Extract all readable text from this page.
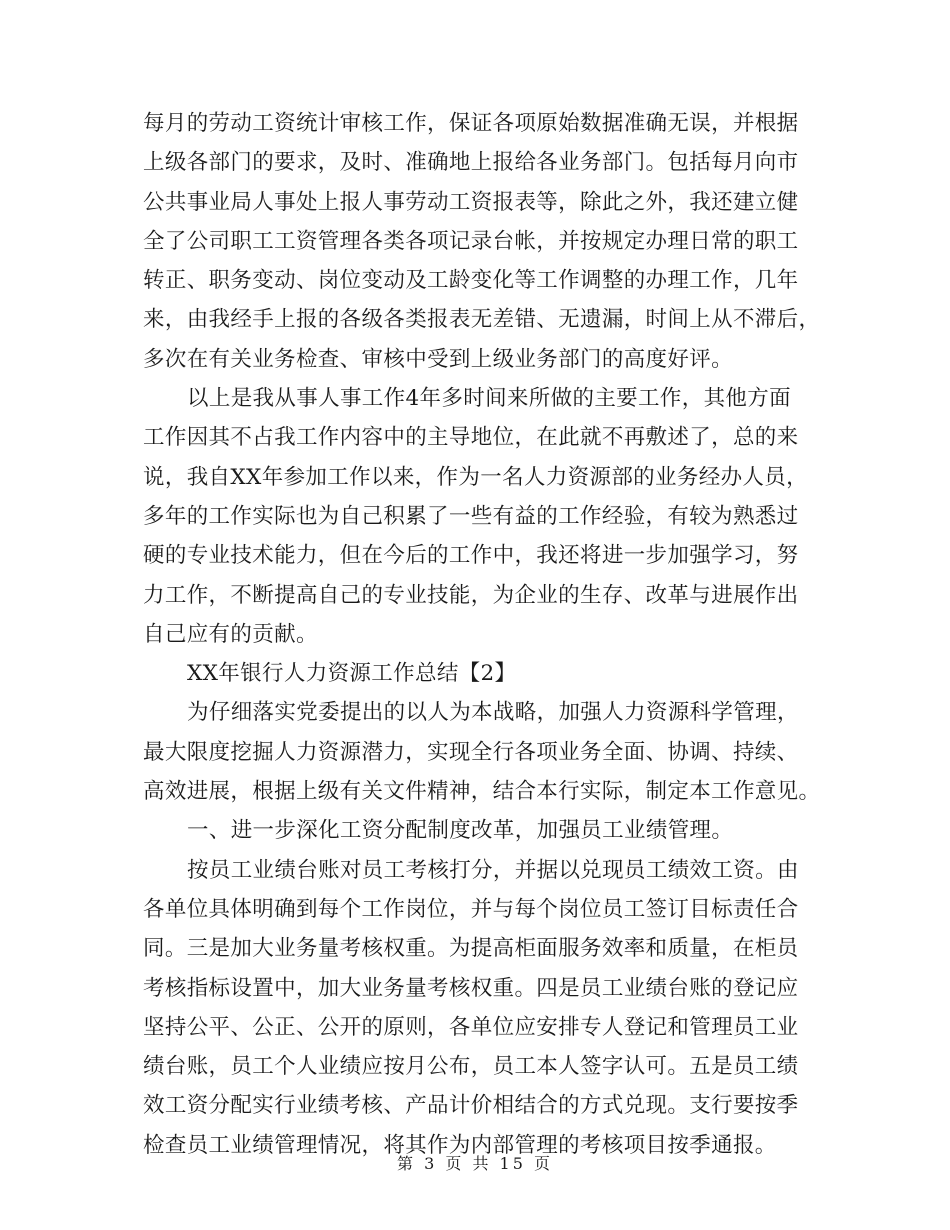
每月的劳动工资统计审核工作，保证各项原始数据准确无误，并根据
上级各部门的要求，及时、准确地上报给各业务部门。包括每月向市
公共事业局人事处上报人事劳动工资报表等，除此之外，我还建立健
全了公司职工工资管理各类各项记录台帐，并按规定办理日常的职工
转正、职务变动、岗位变动及工龄变化等工作调整的办理工作，几年
来，由我经手上报的各级各类报表无差错、无遗漏，时间上从不滞后，
多次在有关业务检查、审核中受到上级业务部门的高度好评。
以上是我从事人事工作4年多时间来所做的主要工作，其他方面
工作因其不占我工作内容中的主导地位，在此就不再敷述了，总的来
说，我自XX年参加工作以来，作为一名人力资源部的业务经办人员，
多年的工作实际也为自己积累了一些有益的工作经验，有较为熟悉过
硬的专业技术能力，但在今后的工作中，我还将进一步加强学习，努
力工作，不断提高自己的专业技能，为企业的生存、改革与进展作出
自己应有的贡献。
XX年银行人力资源工作总结【2】
为仔细落实党委提出的以人为本战略，加强人力资源科学管理，
最大限度挖掘人力资源潜力，实现全行各项业务全面、协调、持续、
高效进展，根据上级有关文件精神，结合本行实际，制定本工作意见。
一、进一步深化工资分配制度改革，加强员工业绩管理。
按员工业绩台账对员工考核打分，并据以兑现员工绩效工资。由
各单位具体明确到每个工作岗位，并与每个岗位员工签订目标责任合
同。三是加大业务量考核权重。为提高柜面服务效率和质量，在柜员
考核指标设置中，加大业务量考核权重。四是员工业绩台账的登记应
坚持公平、公正、公开的原则，各单位应安排专人登记和管理员工业
绩台账，员工个人业绩应按月公布，员工本人签字认可。五是员工绩
效工资分配实行业绩考核、产品计价相结合的方式兑现。支行要按季
检查员工业绩管理情况，将其作为内部管理的考核项目按季通报。
第 3 页 共 15 页
